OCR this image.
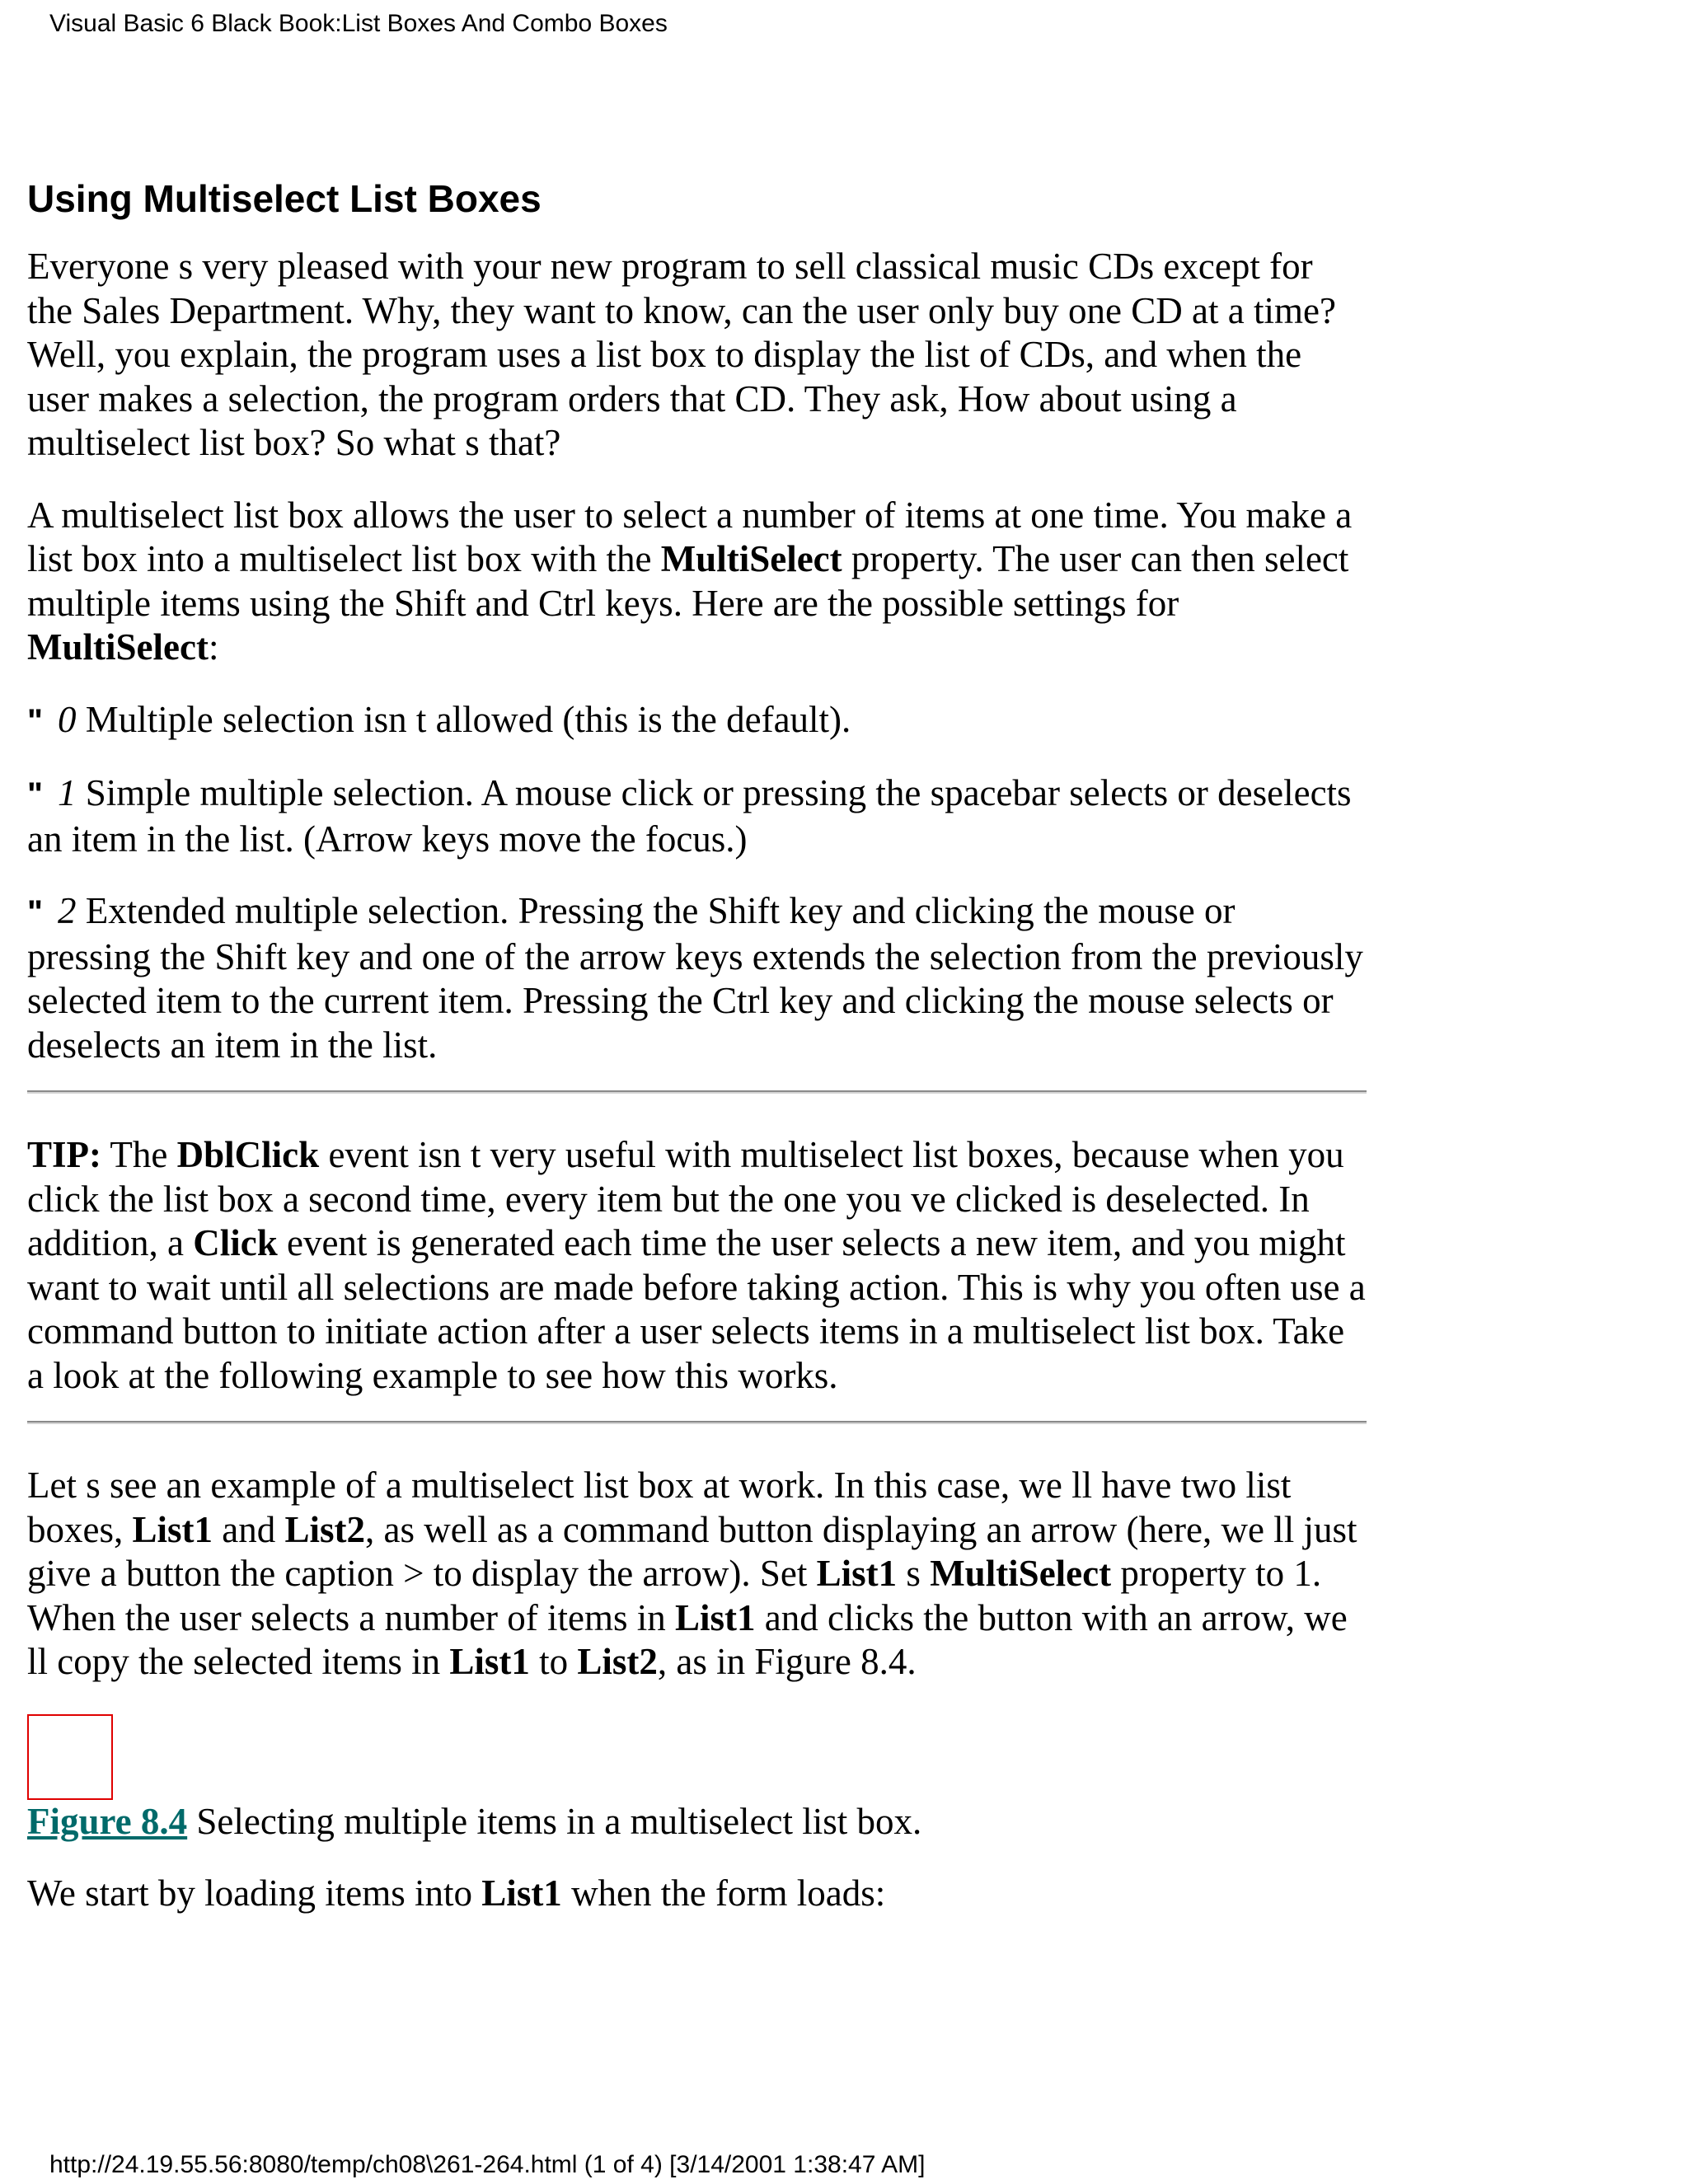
Visual Basic 6 Black Book:List Boxes And Combo Boxes
Using Multiselect List Boxes

Everyone s very pleased with your new program to sell classical music CDs except for the Sales Department. Why, they want to know, can the user only buy one CD at a time? Well, you explain, the program uses a list box to display the list of CDs, and when the user makes a selection, the program orders that CD. They ask, How about using a multiselect list box? So what s that?

A multiselect list box allows the user to select a number of items at one time. You make a list box into a multiselect list box with the MultiSelect property. The user can then select multiple items using the Shift and Ctrl keys. Here are the possible settings for MultiSelect:

" 0 Multiple selection isn t allowed (this is the default).

" 1 Simple multiple selection. A mouse click or pressing the spacebar selects or deselects an item in the list. (Arrow keys move the focus.)

" 2 Extended multiple selection. Pressing the Shift key and clicking the mouse or pressing the Shift key and one of the arrow keys extends the selection from the previously selected item to the current item. Pressing the Ctrl key and clicking the mouse selects or deselects an item in the list.

TIP: The DblClick event isn t very useful with multiselect list boxes, because when you click the list box a second time, every item but the one you ve clicked is deselected. In addition, a Click event is generated each time the user selects a new item, and you might want to wait until all selections are made before taking action. This is why you often use a command button to initiate action after a user selects items in a multiselect list box. Take a look at the following example to see how this works.

Let s see an example of a multiselect list box at work. In this case, we ll have two list boxes, List1 and List2, as well as a command button displaying an arrow (here, we ll just give a button the caption > to display the arrow). Set List1 s MultiSelect property to 1. When the user selects a number of items in List1 and clicks the button with an arrow, we ll copy the selected items in List1 to List2, as in Figure 8.4.

Figure 8.4 Selecting multiple items in a multiselect list box.

We start by loading items into List1 when the form loads:

http://24.19.55.56:8080/temp/ch08\261-264.html (1 of 4) [3/14/2001 1:38:47 AM]
